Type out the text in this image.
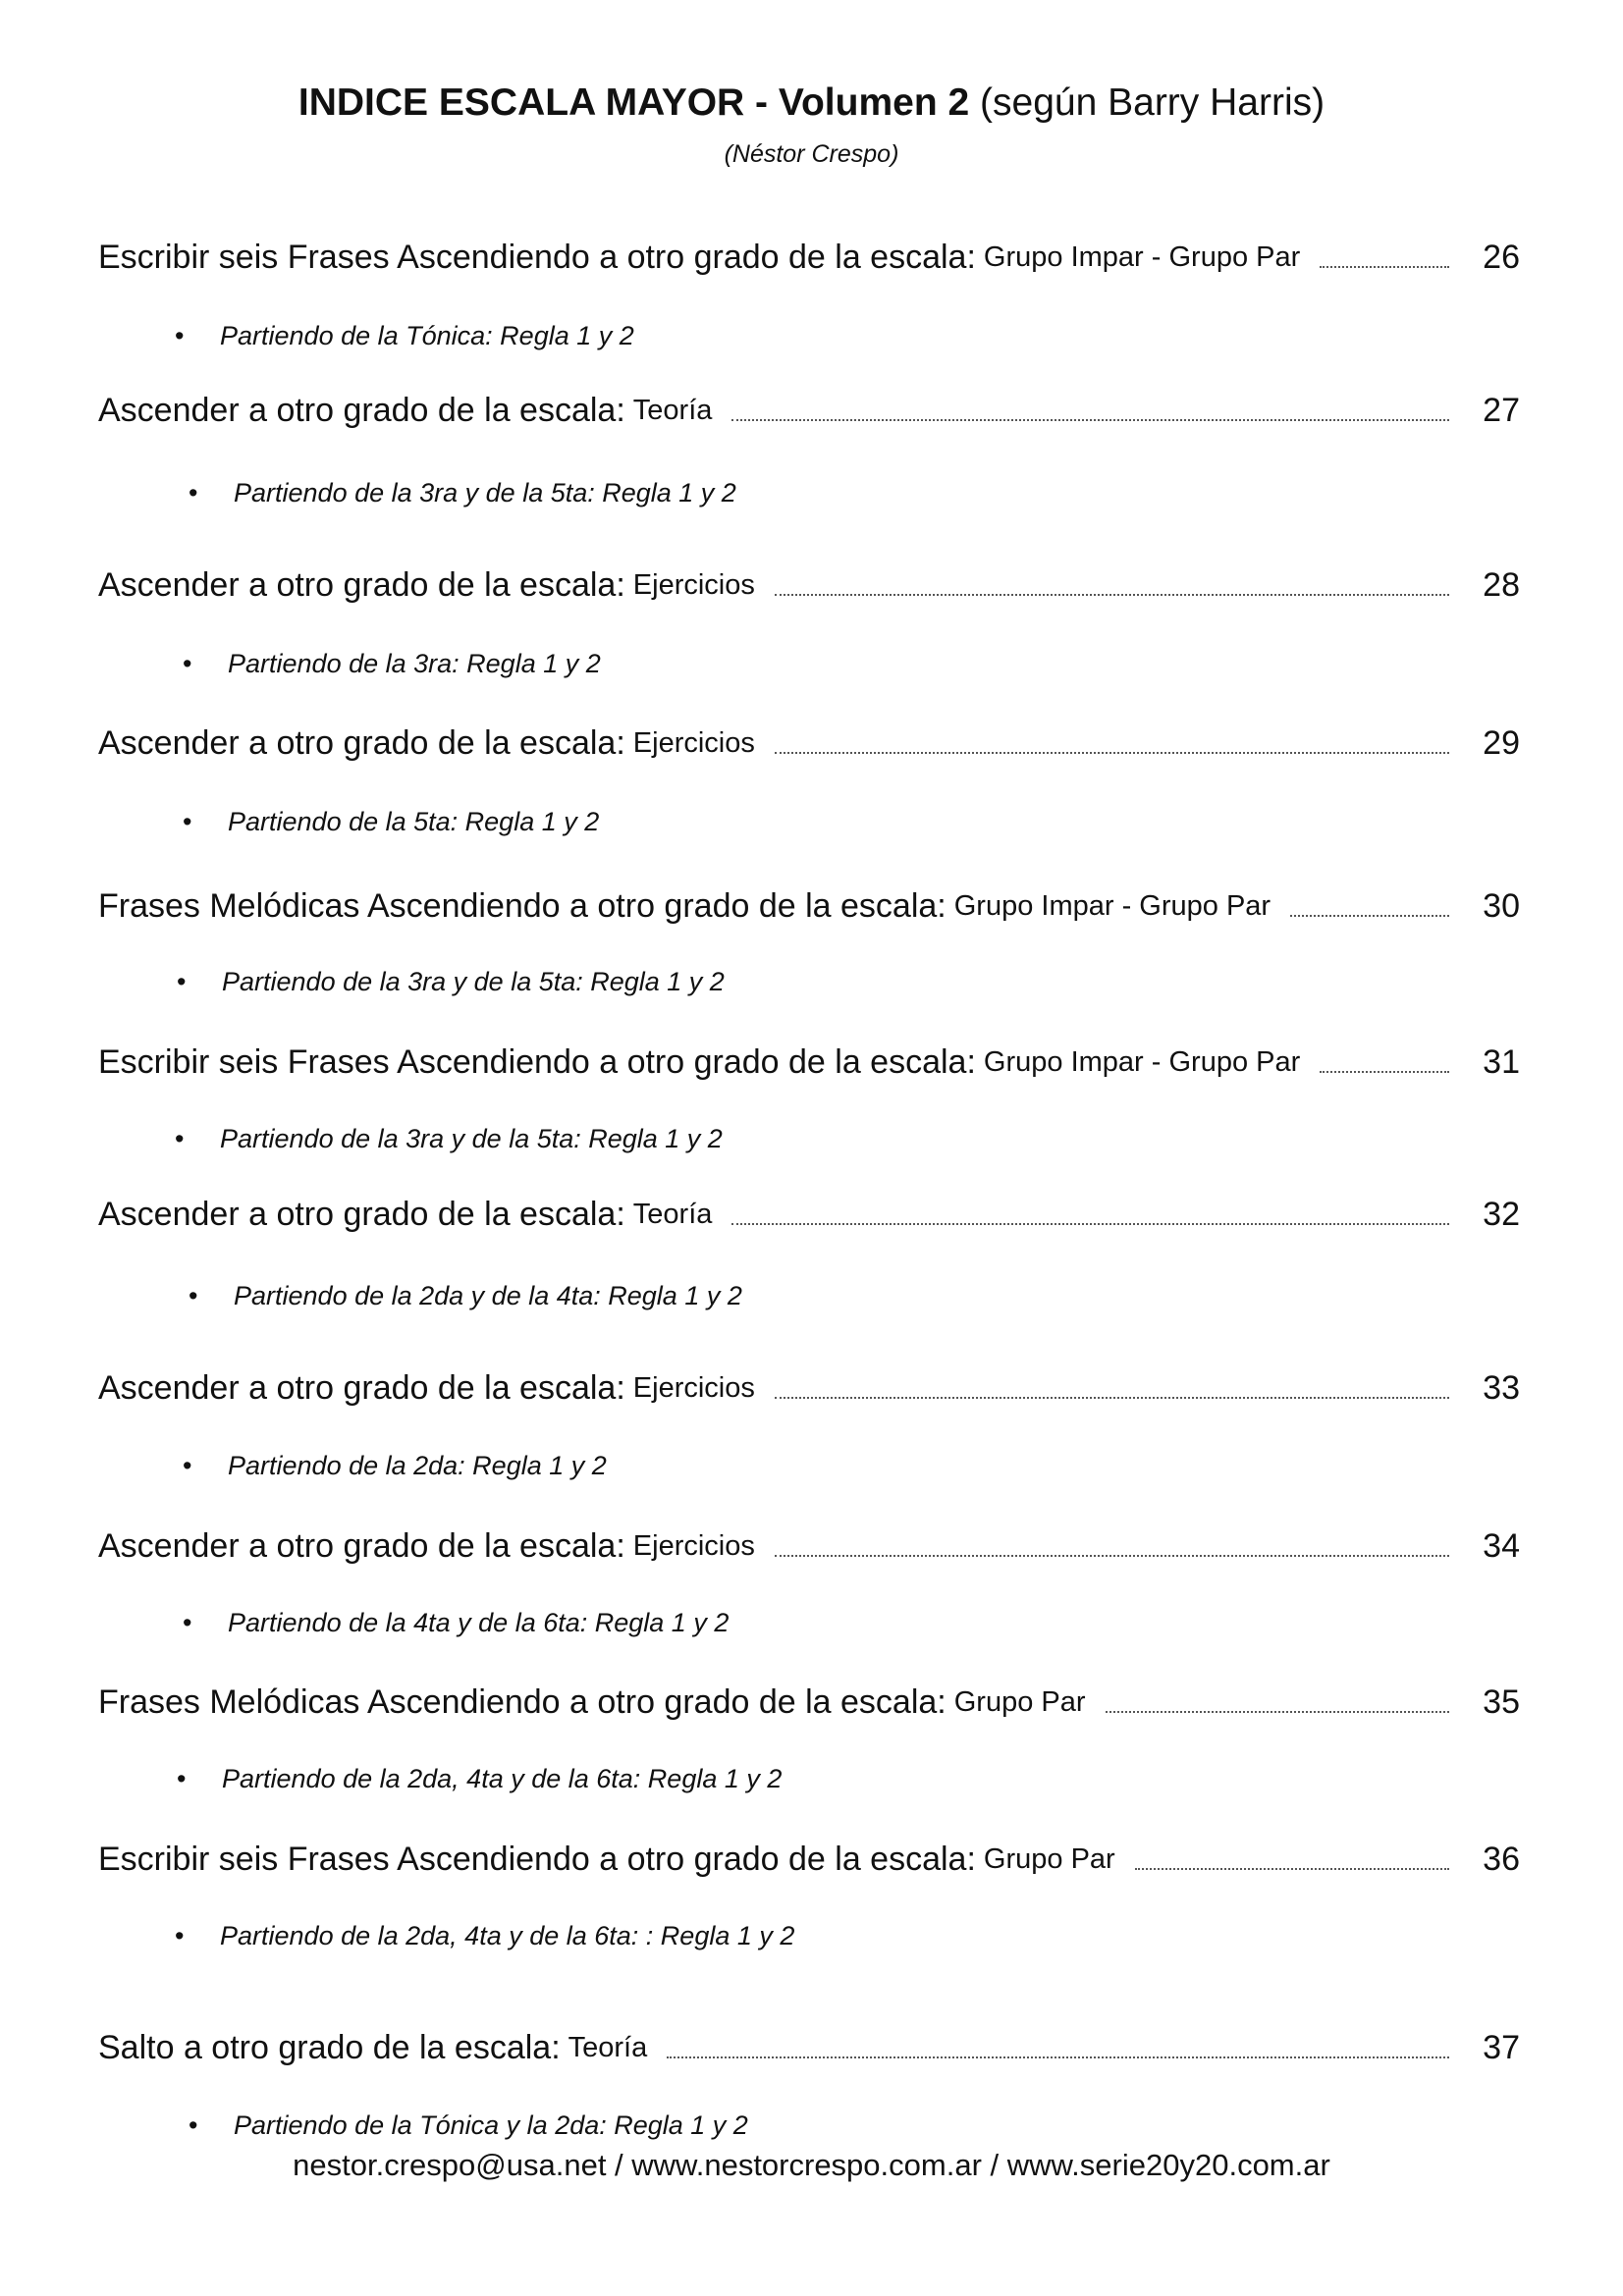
INDICE ESCALA MAYOR - Volumen 2 (según Barry Harris)
(Néstor Crespo)
Escribir seis Frases Ascendiendo a otro grado de la escala: Grupo Impar - Grupo Par	26
• Partiendo de la Tónica: Regla 1 y 2
Ascender a otro grado de la escala: Teoría	27
• Partiendo de la 3ra y de la 5ta: Regla 1 y 2
Ascender a otro grado de la escala: Ejercicios	28
• Partiendo de la 3ra: Regla 1 y 2
Ascender a otro grado de la escala: Ejercicios	29
• Partiendo de la 5ta: Regla 1 y 2
Frases Melódicas Ascendiendo a otro grado de la escala: Grupo Impar - Grupo Par	30
• Partiendo de la 3ra y de la 5ta: Regla 1 y 2
Escribir seis Frases Ascendiendo a otro grado de la escala: Grupo Impar - Grupo Par	31
• Partiendo de la 3ra y de la 5ta: Regla 1 y 2
Ascender a otro grado de la escala: Teoría	32
• Partiendo de la 2da y de la 4ta: Regla 1 y 2
Ascender a otro grado de la escala: Ejercicios	33
• Partiendo de la 2da: Regla 1 y 2
Ascender a otro grado de la escala: Ejercicios	34
• Partiendo de la 4ta y de la 6ta: Regla 1 y 2
Frases Melódicas Ascendiendo a otro grado de la escala: Grupo Par	35
• Partiendo de la 2da, 4ta y de la 6ta: Regla 1 y 2
Escribir seis Frases Ascendiendo a otro grado de la escala: Grupo Par	36
• Partiendo de la 2da, 4ta y de la 6ta: : Regla 1 y 2
Salto a otro grado de la escala: Teoría	37
• Partiendo de la Tónica y la 2da: Regla 1 y 2
nestor.crespo@usa.net / www.nestorcrespo.com.ar / www.serie20y20.com.ar
